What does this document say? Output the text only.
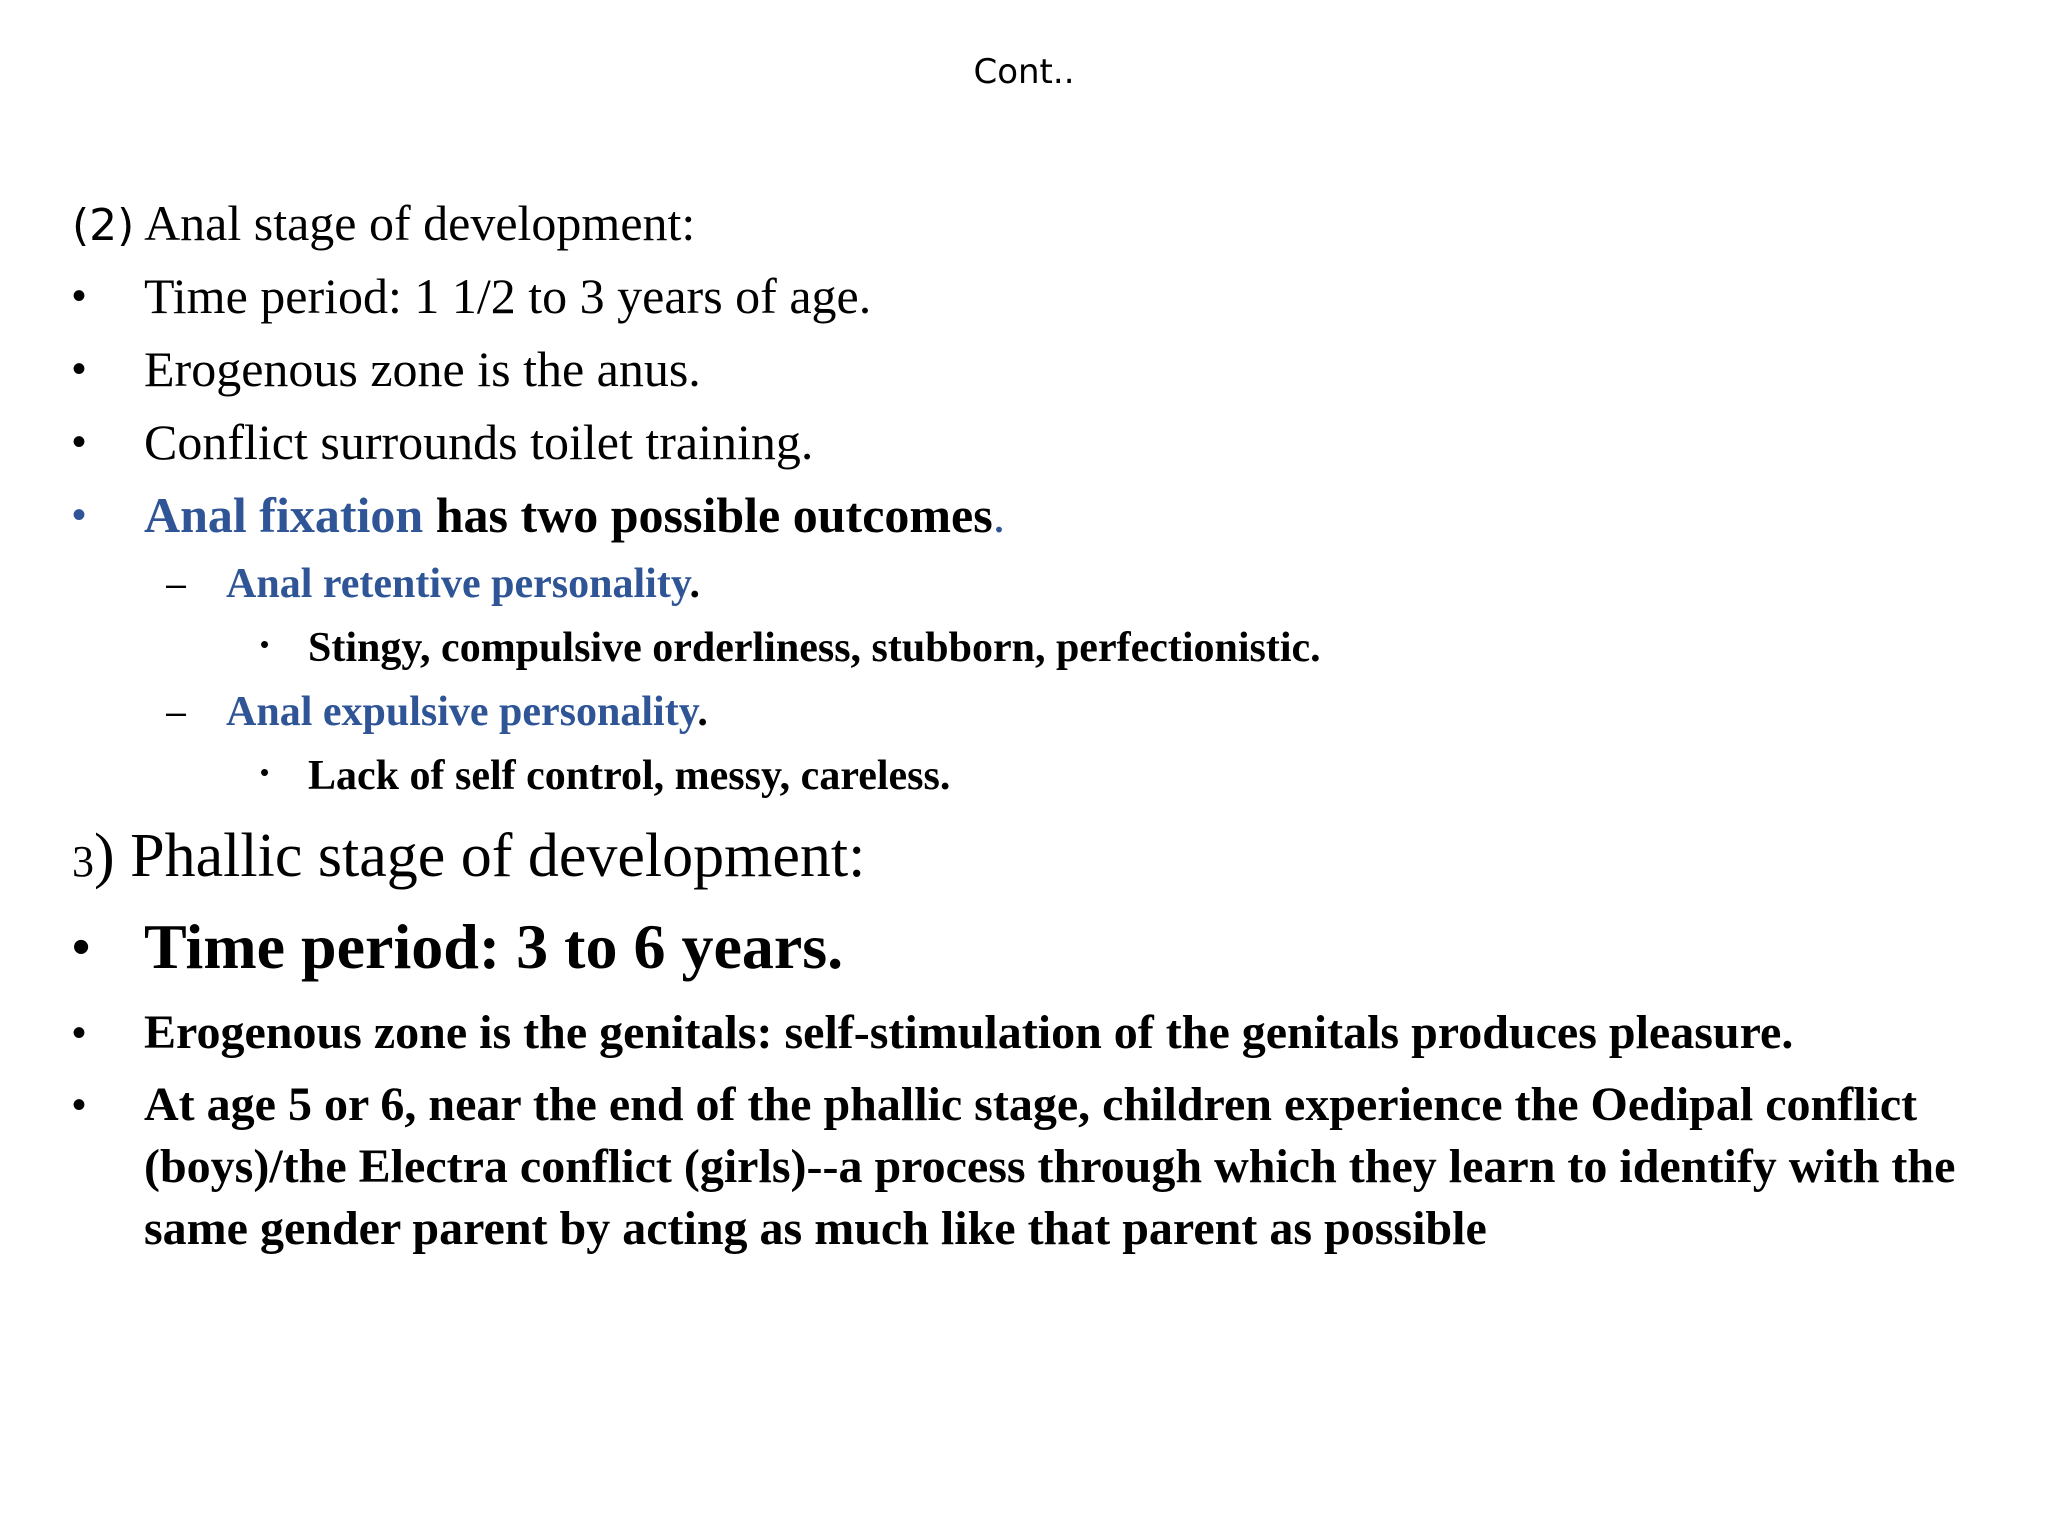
Cont..
(2) Anal stage of development:
• Time period: 1 1/2 to 3 years of age.
• Erogenous zone is the anus.
• Conflict surrounds toilet training.
• Anal fixation has two possible outcomes.
– Anal retentive personality.
• Stingy, compulsive orderliness, stubborn, perfectionistic.
– Anal expulsive personality.
• Lack of self control, messy, careless.
3) Phallic stage of development:
• Time period: 3 to 6 years.
• Erogenous zone is the genitals: self-stimulation of the genitals produces pleasure.
• At age 5 or 6, near the end of the phallic stage, children experience the Oedipal conflict (boys)/the Electra conflict (girls)--a process through which they learn to identify with the same gender parent by acting as much like that parent as possible
